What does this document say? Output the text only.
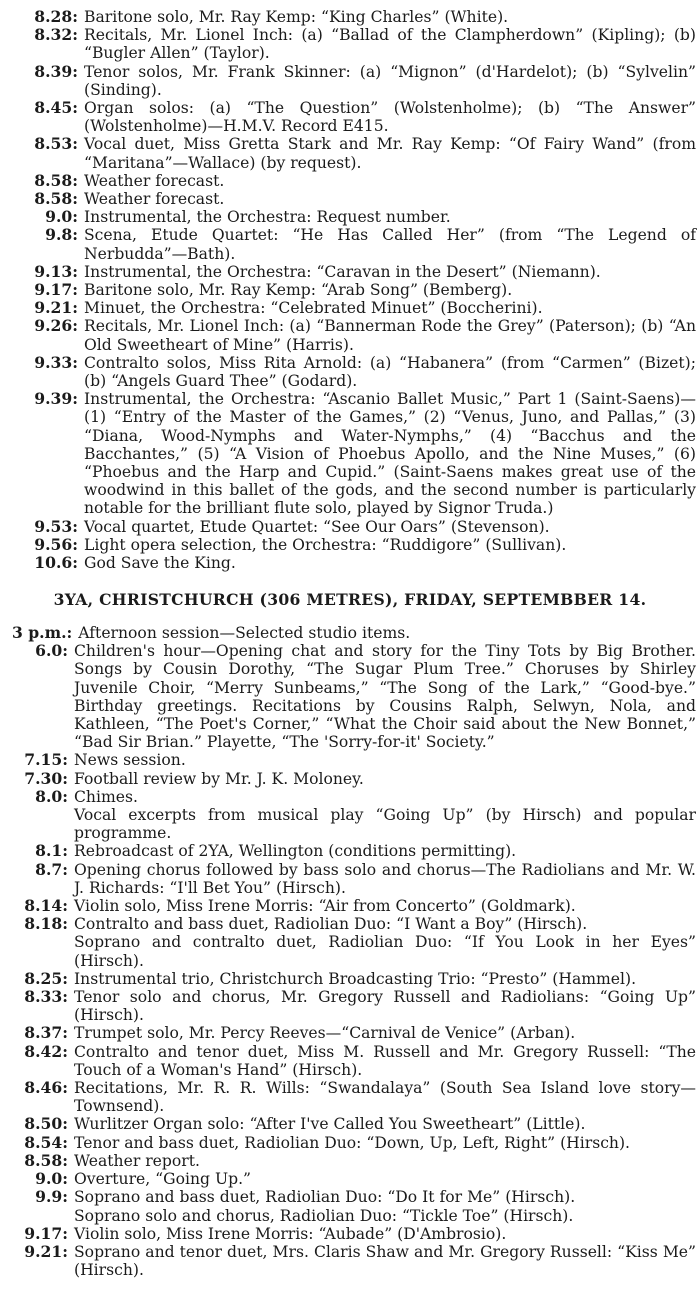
8.28: Baritone solo, Mr. Ray Kemp: “King Charles” (White).
8.32: Recitals, Mr. Lionel Inch: (a) “Ballad of the Clampherdown” (Kipling); (b) “Bugler Allen” (Taylor).
8.39: Tenor solos, Mr. Frank Skinner: (a) “Mignon” (d'Hardelot); (b) “Sylvelin” (Sinding).
8.45: Organ solos: (a) “The Question” (Wolstenholme); (b) “The Answer” (Wolstenholme)—H.M.V. Record E415.
8.53: Vocal duet, Miss Gretta Stark and Mr. Ray Kemp: “Of Fairy Wand” (from “Maritana”—Wallace) (by request).
8.58: Weather forecast.
8.58: Weather forecast.
9.0: Instrumental, the Orchestra: Request number.
9.8: Scena, Etude Quartet: “He Has Called Her” (from “The Legend of Nerbudda”—Bath).
9.13: Instrumental, the Orchestra: “Caravan in the Desert” (Niemann).
9.17: Baritone solo, Mr. Ray Kemp: “Arab Song” (Bemberg).
9.21: Minuet, the Orchestra: “Celebrated Minuet” (Boccherini).
9.26: Recitals, Mr. Lionel Inch: (a) “Bannerman Rode the Grey” (Paterson); (b) “An Old Sweetheart of Mine” (Harris).
9.33: Contralto solos, Miss Rita Arnold: (a) “Habanera” (from “Carmen” (Bizet); (b) “Angels Guard Thee” (Godard).
9.39: Instrumental, the Orchestra: “Ascanio Ballet Music,” Part 1 (Saint-Saens)—(1) “Entry of the Master of the Games,” (2) “Venus, Juno, and Pallas,” (3) “Diana, Wood-Nymphs and Water-Nymphs,” (4) “Bacchus and the Bacchantes,” (5) “A Vision of Phoebus Apollo, and the Nine Muses,” (6) “Phoebus and the Harp and Cupid.” (Saint-Saens makes great use of the woodwind in this ballet of the gods, and the second number is particularly notable for the brilliant flute solo, played by Signor Truda.)
9.53: Vocal quartet, Etude Quartet: “See Our Oars” (Stevenson).
9.56: Light opera selection, the Orchestra: “Ruddigore” (Sullivan).
10.6: God Save the King.
3YA, CHRISTCHURCH (306 METRES), FRIDAY, SEPTEMBBER 14.
3 p.m.: Afternoon session—Selected studio items.
6.0: Children's hour—Opening chat and story for the Tiny Tots by Big Brother. Songs by Cousin Dorothy, “The Sugar Plum Tree.” Choruses by Shirley Juvenile Choir, “Merry Sunbeams,” “The Song of the Lark,” “Good-bye.” Birthday greetings. Recitations by Cousins Ralph, Selwyn, Nola, and Kathleen, “The Poet's Corner,” “What the Choir said about the New Bonnet,” “Bad Sir Brian.” Playette, “The 'Sorry-for-it' Society.”
7.15: News session.
7.30: Football review by Mr. J. K. Moloney.
8.0: Chimes.
Vocal excerpts from musical play “Going Up” (by Hirsch) and popular programme.
8.1: Rebroadcast of 2YA, Wellington (conditions permitting).
8.7: Opening chorus followed by bass solo and chorus—The Radiolians and Mr. W. J. Richards: “I'll Bet You” (Hirsch).
8.14: Violin solo, Miss Irene Morris: “Air from Concerto” (Goldmark).
8.18: Contralto and bass duet, Radiolian Duo: “I Want a Boy” (Hirsch).
Soprano and contralto duet, Radiolian Duo: “If You Look in her Eyes” (Hirsch).
8.25: Instrumental trio, Christchurch Broadcasting Trio: “Presto” (Hammel).
8.33: Tenor solo and chorus, Mr. Gregory Russell and Radiolians: “Going Up” (Hirsch).
8.37: Trumpet solo, Mr. Percy Reeves—“Carnival de Venice” (Arban).
8.42: Contralto and tenor duet, Miss M. Russell and Mr. Gregory Russell: “The Touch of a Woman's Hand” (Hirsch).
8.46: Recitations, Mr. R. R. Wills: “Swandalaya” (South Sea Island love story—Townsend).
8.50: Wurlitzer Organ solo: “After I've Called You Sweetheart” (Little).
8.54: Tenor and bass duet, Radiolian Duo: “Down, Up, Left, Right” (Hirsch).
8.58: Weather report.
9.0: Overture, “Going Up.”
9.9: Soprano and bass duet, Radiolian Duo: “Do It for Me” (Hirsch).
Soprano solo and chorus, Radiolian Duo: “Tickle Toe” (Hirsch).
9.17: Violin solo, Miss Irene Morris: “Aubade” (D'Ambrosio).
9.21: Soprano and tenor duet, Mrs. Claris Shaw and Mr. Gregory Russell: “Kiss Me” (Hirsch).
